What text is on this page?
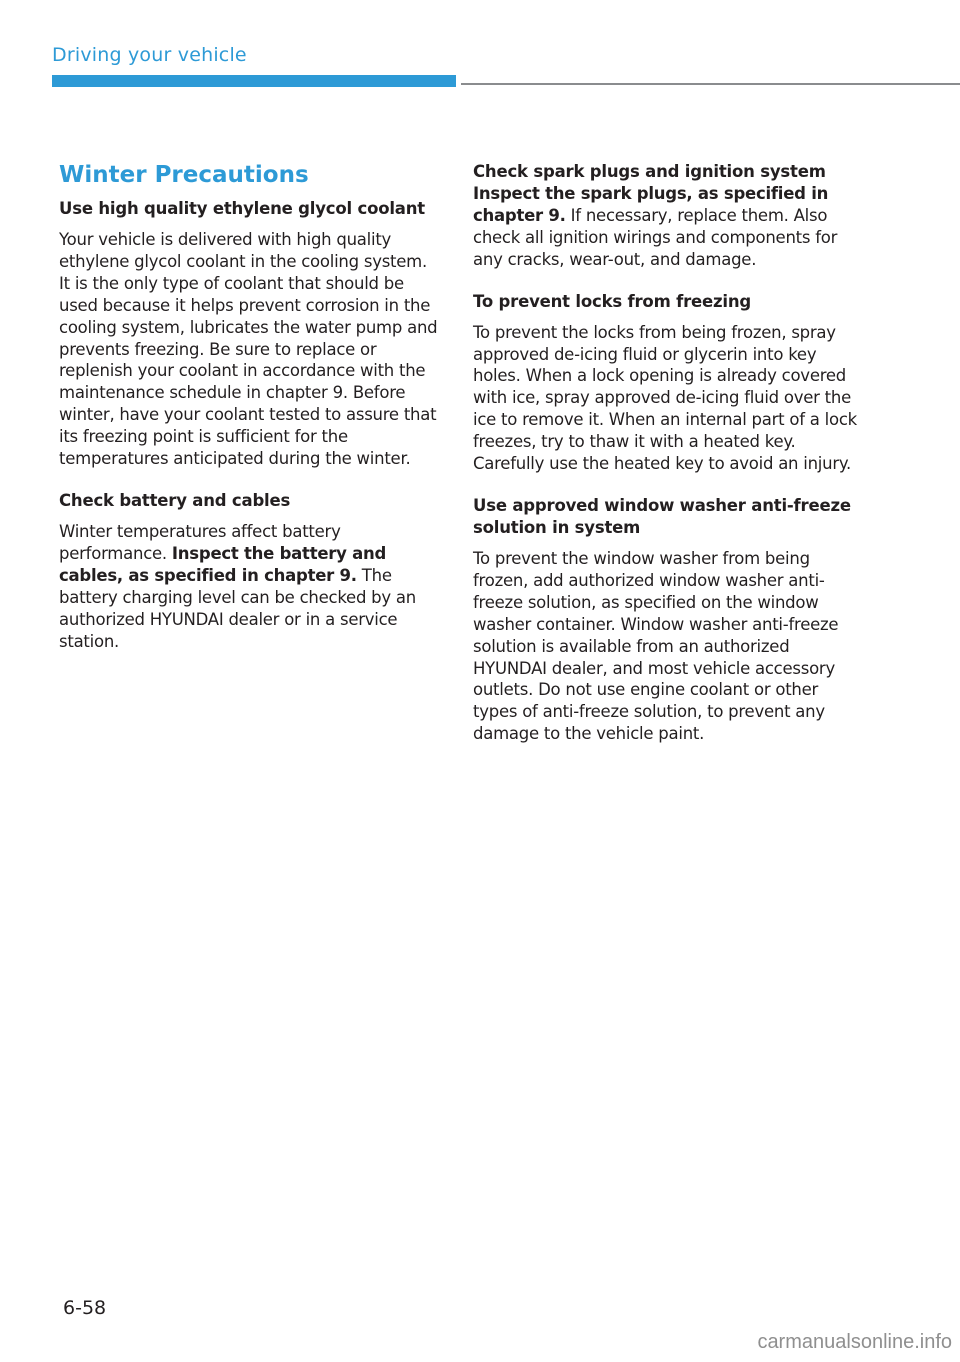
Driving your vehicle
Winter Precautions
Use high quality ethylene glycol coolant

Your vehicle is delivered with high quality ethylene glycol coolant in the cooling system. It is the only type of coolant that should be used because it helps prevent corrosion in the cooling system, lubricates the water pump and prevents freezing. Be sure to replace or replenish your coolant in accordance with the maintenance schedule in chapter 9. Before winter, have your coolant tested to assure that its freezing point is sufficient for the temperatures anticipated during the winter.

Check battery and cables

Winter temperatures affect battery performance. Inspect the battery and cables, as specified in chapter 9. The battery charging level can be checked by an authorized HYUNDAI dealer or in a service station.

Check spark plugs and ignition system

Inspect the spark plugs, as specified in chapter 9. If necessary, replace them. Also check all ignition wirings and components for any cracks, wear-out, and damage.

To prevent locks from freezing

To prevent the locks from being frozen, spray approved de-icing fluid or glycerin into key holes. When a lock opening is already covered with ice, spray approved de-icing fluid over the ice to remove it. When an internal part of a lock freezes, try to thaw it with a heated key. Carefully use the heated key to avoid an injury.

Use approved window washer anti-freeze solution in system

To prevent the window washer from being frozen, add authorized window washer anti-freeze solution, as specified on the window washer container. Window washer anti-freeze solution is available from an authorized HYUNDAI dealer, and most vehicle accessory outlets. Do not use engine coolant or other types of anti-freeze solution, to prevent any damage to the vehicle paint.

6-58
carmanualsonline.info
